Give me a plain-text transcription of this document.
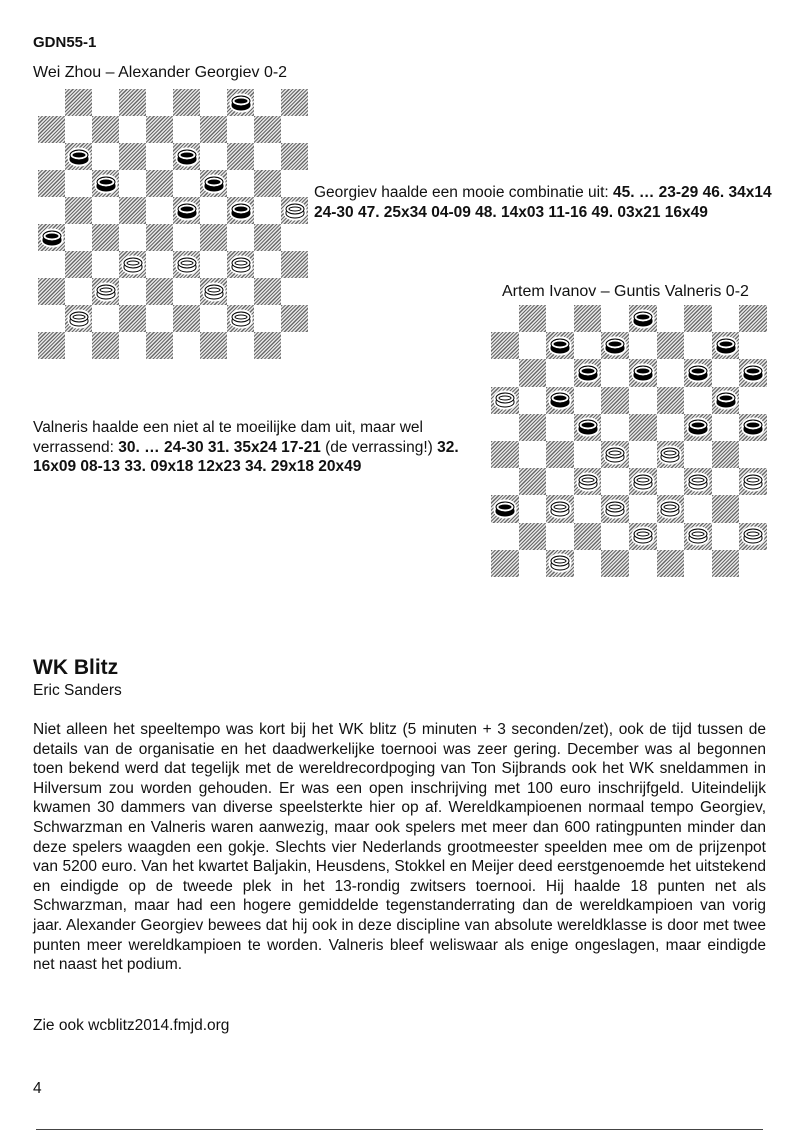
GDN55-1
Wei Zhou – Alexander Georgiev 0-2
Georgiev haalde een mooie combinatie uit: 45. … 23-29 46. 34x14 24-30 47. 25x34 04-09 48. 14x03 11-16 49. 03x21 16x49
Artem Ivanov – Guntis Valneris 0-2
Valneris haalde een niet al te moeilijke dam uit, maar wel verrassend: 30. … 24-30 31. 35x24 17-21 (de verrassing!) 32. 16x09 08-13 33. 09x18 12x23 34. 29x18 20x49
WK Blitz
Eric Sanders
Niet alleen het speeltempo was kort bij het WK blitz (5 minuten + 3 seconden/zet), ook de tijd tussen de details van de organisatie en het daadwerkelijke toernooi was zeer gering. December was al begonnen toen bekend werd dat tegelijk met de wereldrecordpoging van Ton Sijbrands ook het WK sneldammen in Hilversum zou worden gehouden. Er was een open inschrijving met 100 euro inschrijfgeld. Uiteindelijk kwamen 30 dammers van diverse speelsterkte hier op af. Wereldkampioenen normaal tempo Georgiev, Schwarzman en Valneris waren aanwezig, maar ook spelers met meer dan 600 ratingpunten minder dan deze spelers waagden een gokje. Slechts vier Nederlands grootmeester speelden mee om de prijzenpot van 5200 euro. Van het kwartet Baljakin, Heusdens, Stokkel en Meijer deed eerstgenoemde het uitstekend en eindigde op de tweede plek in het 13-rondig zwitsers toernooi. Hij haalde 18 punten net als Schwarzman, maar had een hogere gemiddelde tegenstanderrating dan de wereldkampioen van vorig jaar. Alexander Georgiev bewees dat hij ook in deze discipline van absolute wereldklasse is door met twee punten meer wereldkampioen te worden. Valneris bleef weliswaar als enige ongeslagen, maar eindigde net naast het podium.
Zie ook wcblitz2014.fmjd.org
4
